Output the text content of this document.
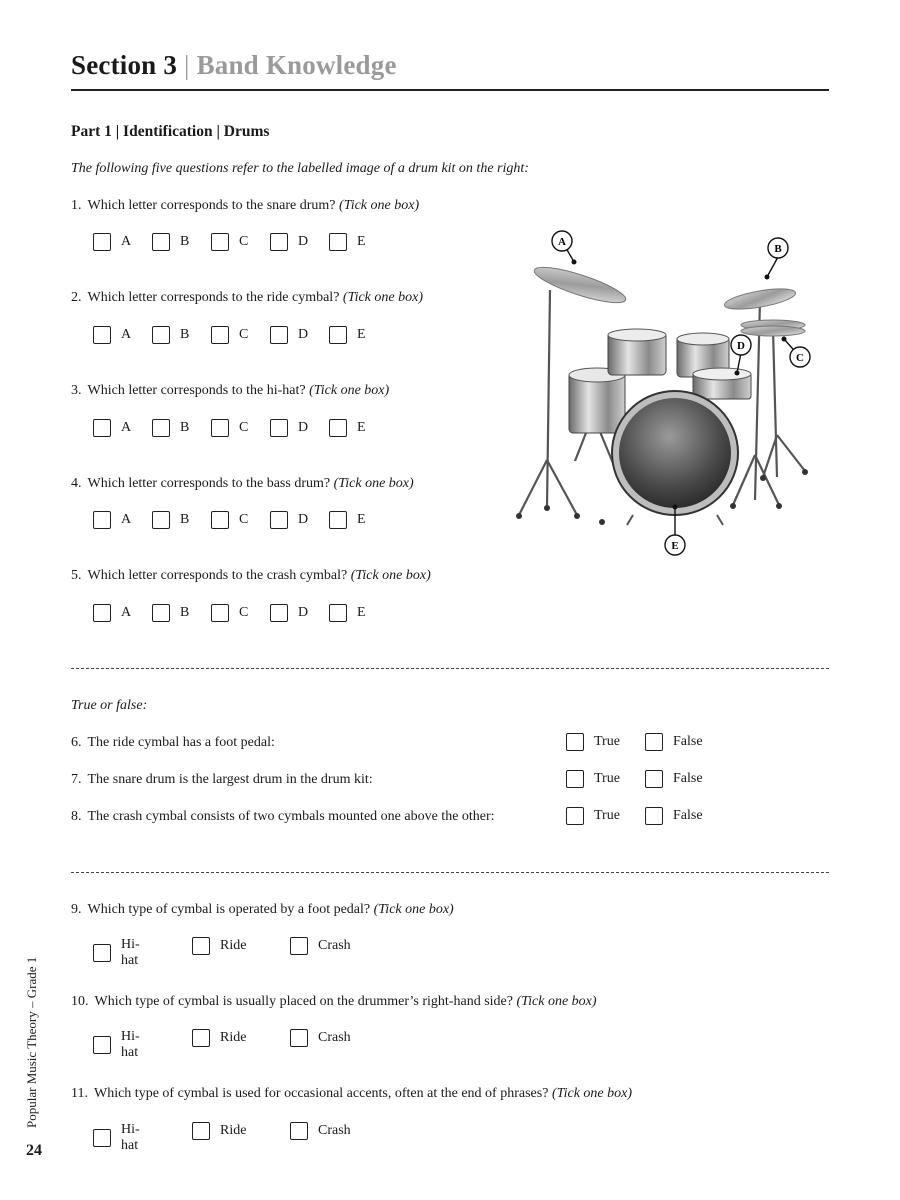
Section 3 | Band Knowledge
Part 1 | Identification | Drums
The following five questions refer to the labelled image of a drum kit on the right:
1. Which letter corresponds to the snare drum? (Tick one box)
A	B	C	D	E
2. Which letter corresponds to the ride cymbal? (Tick one box)
A	B	C	D	E
3. Which letter corresponds to the hi-hat? (Tick one box)
A	B	C	D	E
4. Which letter corresponds to the bass drum? (Tick one box)
A	B	C	D	E
5. Which letter corresponds to the crash cymbal? (Tick one box)
A	B	C	D	E
A
B
C
D
E
True or false:
6. The ride cymbal has a foot pedal:	True	False
7. The snare drum is the largest drum in the drum kit:	True	False
8. The crash cymbal consists of two cymbals mounted one above the other:	True	False
9. Which type of cymbal is operated by a foot pedal? (Tick one box)
Hi-hat
Ride	Crash
10. Which type of cymbal is usually placed on the drummer’s right-hand side? (Tick one box)
Hi-hat
Ride	Crash
11. Which type of cymbal is used for occasional accents, often at the end of phrases? (Tick one box)
Hi-hat
Ride	Crash
Popular Music Theory – Grade 1
24
